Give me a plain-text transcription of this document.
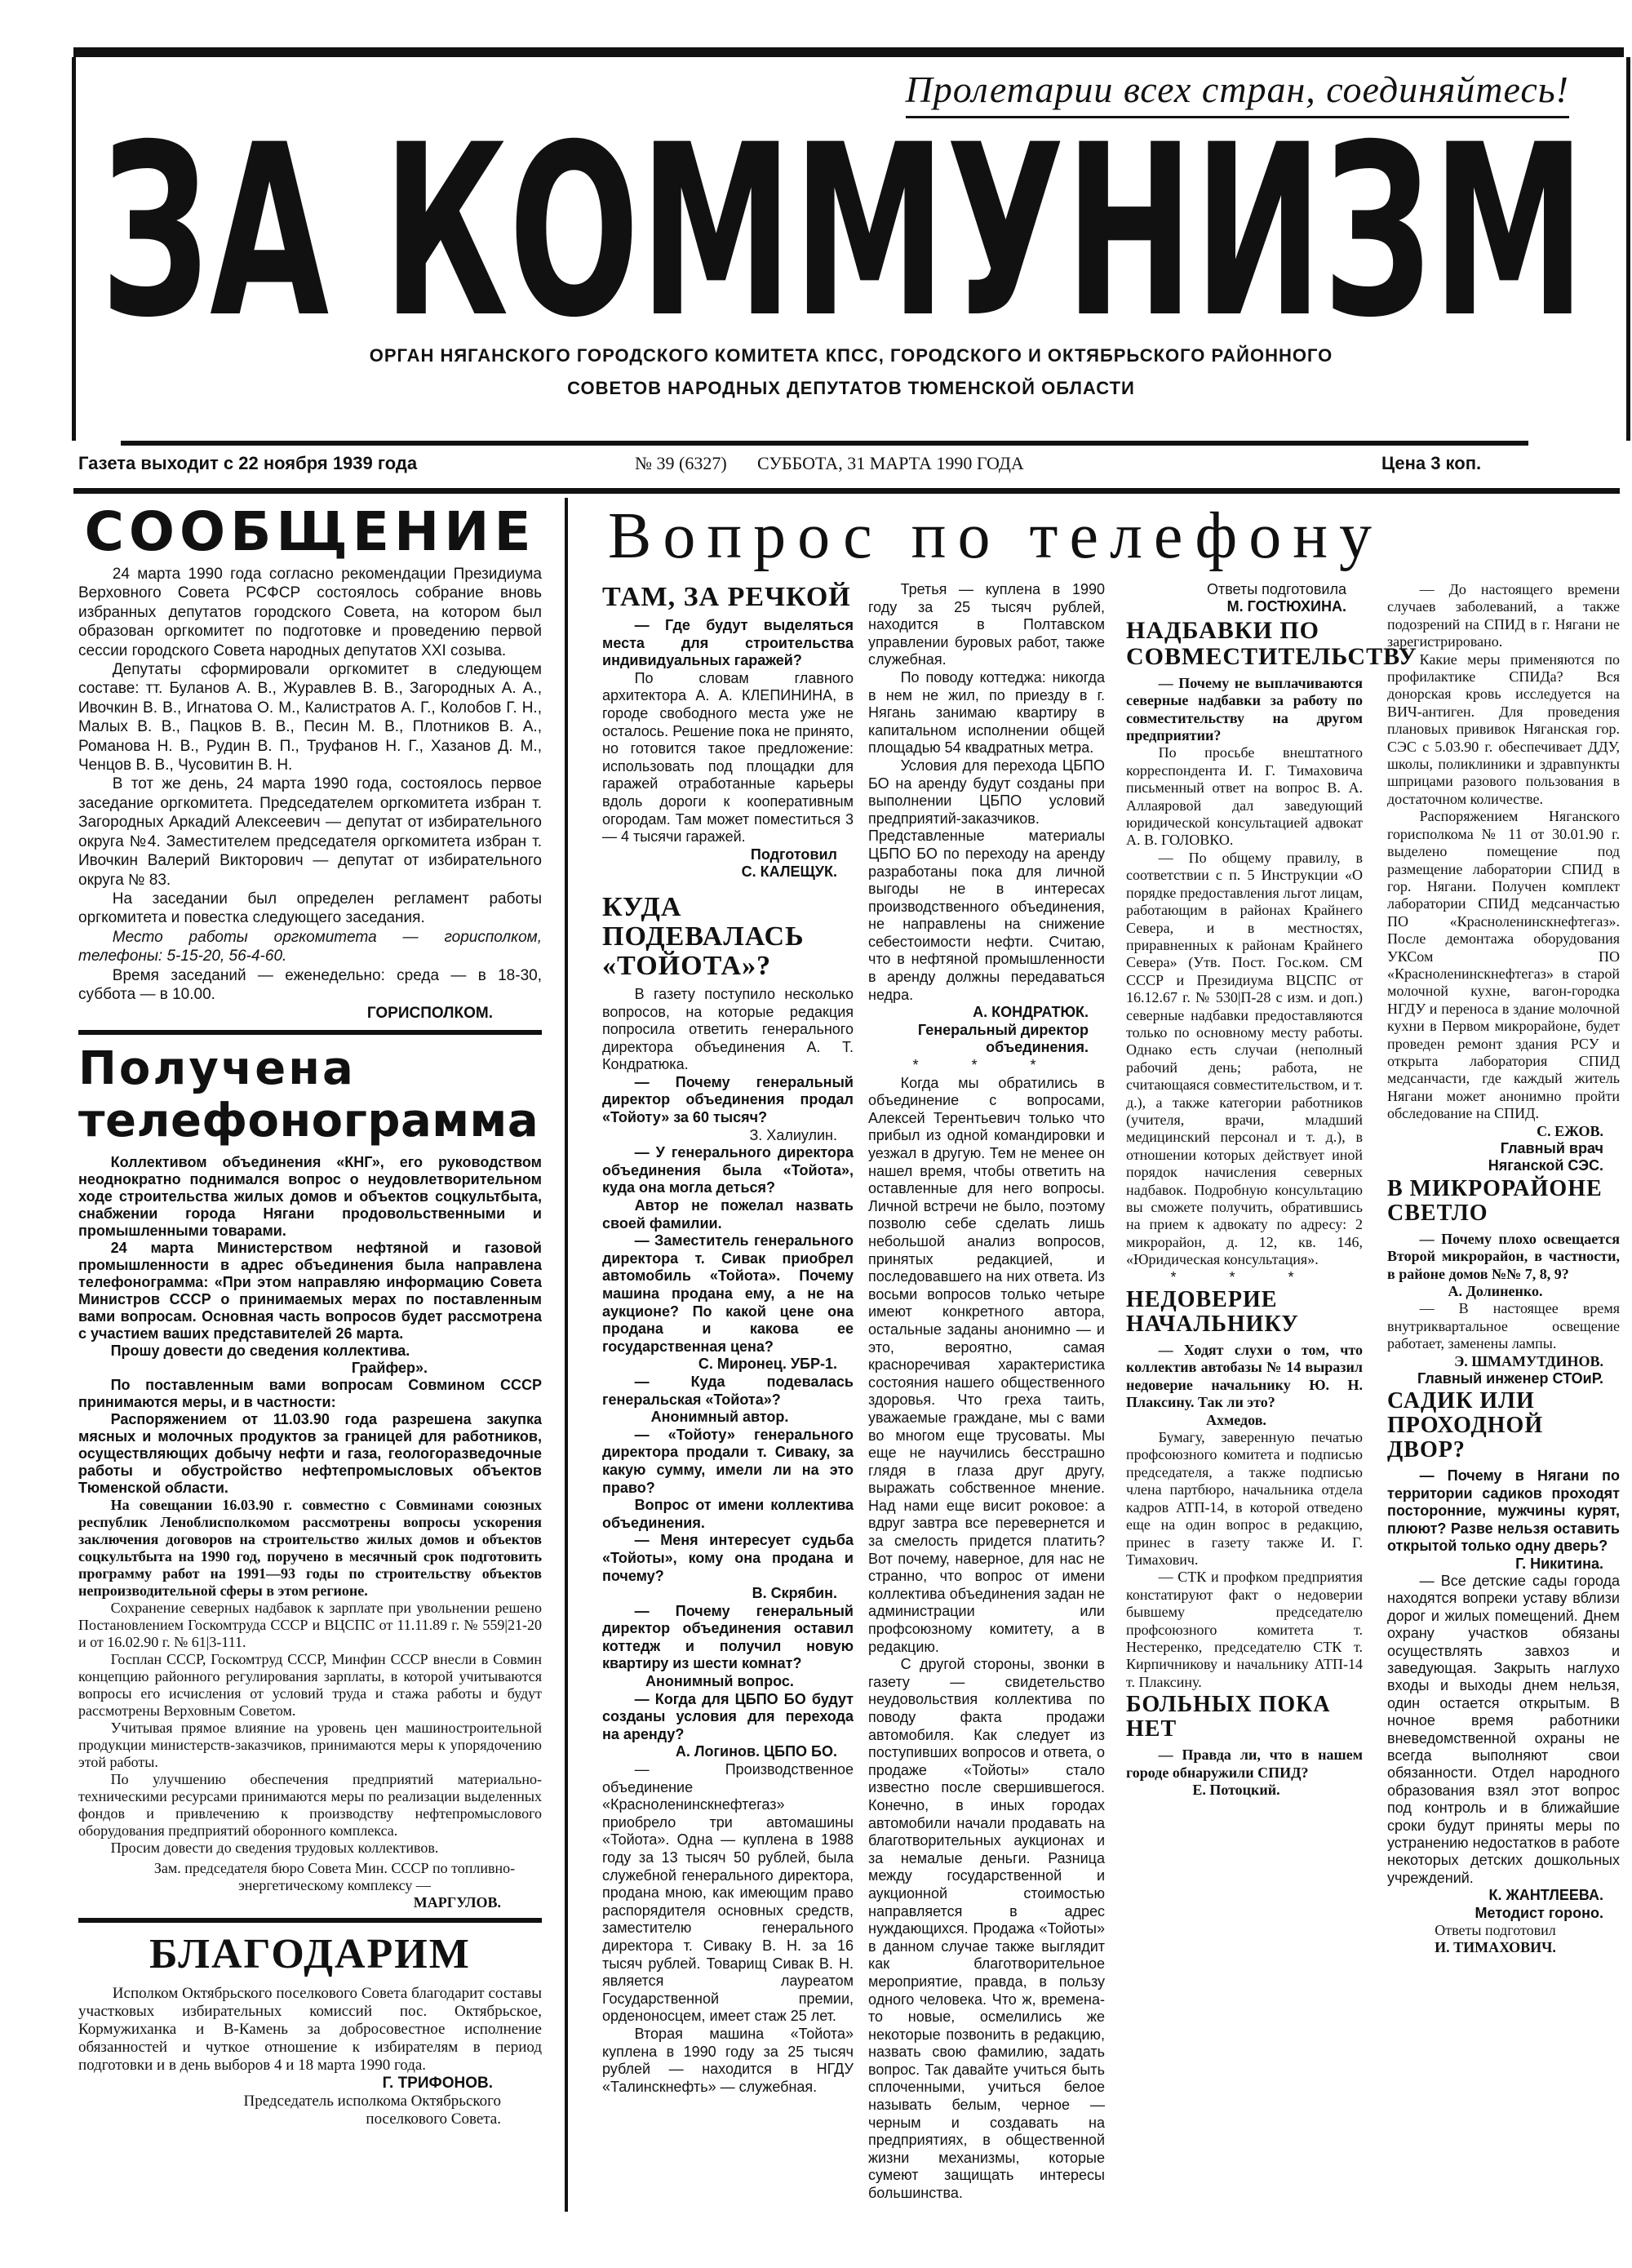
Пролетарии всех стран, соединяйтесь!
ЗА КОММУНИЗМ
ОРГАН НЯГАНСКОГО ГОРОДСКОГО КОМИТЕТА КПСС, ГОРОДСКОГО И ОКТЯБРЬСКОГО РАЙОННОГО
СОВЕТОВ НАРОДНЫХ ДЕПУТАТОВ ТЮМЕНСКОЙ ОБЛАСТИ
Газета выходит с 22 ноября 1939 года	№ 39 (6327) СУББОТА, 31 МАРТА 1990 ГОДА	Цена 3 коп.
СООБЩЕНИЕ

24 марта 1990 года согласно рекомендации Президиума Верховного Совета РСФСР состоялось собрание вновь избранных депутатов городского Совета, на котором был образован оргкомитет по подготовке и проведению первой сессии городского Совета народных депутатов XXI созыва.

Депутаты сформировали оргкомитет в следующем составе: тт. Буланов А. В., Журавлев В. В., Загородных А. А., Ивочкин В. В., Игнатова О. М., Калистратов А. Г., Колобов Г. Н., Малых В. В., Пацков В. В., Песин М. В., Плотников В. А., Романова Н. В., Рудин В. П., Труфанов Н. Г., Хазанов Д. М., Ченцов В. В., Чусовитин В. Н.

В тот же день, 24 марта 1990 года, состоялось первое заседание оргкомитета. Председателем оргкомитета избран т. Загородных Аркадий Алексеевич — депутат от избирательного округа №4. Заместителем председателя оргкомитета избран т. Ивочкин Валерий Викторович — депутат от избирательного округа № 83.

На заседании был определен регламент работы оргкомитета и повестка следующего заседания.

Место работы оргкомитета — горисполком, телефоны: 5-15-20, 56-4-60.

Время заседаний — еженедельно: среда — в 18-30, суббота — в 10.00.

ГОРИСПОЛКОМ.
Получена
телефонограмма

Коллективом объединения «КНГ», его руководством неоднократно поднимался вопрос о неудовлетворительном ходе строительства жилых домов и объектов соцкультбыта, снабжении города Нягани продовольственными и промышленными товарами.

24 марта Министерством нефтяной и газовой промышленности в адрес объединения была направлена телефонограмма: «При этом направляю информацию Совета Министров СССР о принимаемых мерах по поставленным вами вопросам. Основная часть вопросов будет рассмотрена с участием ваших представителей 26 марта.

Прошу довести до сведения коллектива.

Грайфер».

По поставленным вами вопросам Совмином СССР принимаются меры, и в частности:

Распоряжением от 11.03.90 года разрешена закупка мясных и молочных продуктов за границей для работников, осуществляющих добычу нефти и газа, геологоразведочные работы и обустройство нефтепромысловых объектов Тюменской области.

На совещании 16.03.90 г. совместно с Совминами союзных республик Леноблисполкомом рассмотрены вопросы ускорения заключения договоров на строительство жилых домов и объектов соцкультбыта на 1990 год, поручено в месячный срок подготовить программу работ на 1991—93 годы по строительству объектов непроизводительной сферы в этом регионе.

Сохранение северных надбавок к зарплате при увольнении решено Постановлением Госкомтруда СССР и ВЦСПС от 11.11.89 г. № 559|21-20 и от 16.02.90 г. № 61|3-111.

Госплан СССР, Госкомтруд СССР, Минфин СССР внесли в Совмин концепцию районного регулирования зарплаты, в которой учитываются вопросы его исчисления от условий труда и стажа работы и будут рассмотрены Верховным Советом.

Учитывая прямое влияние на уровень цен машиностроительной продукции министерств-заказчиков, принимаются меры к упорядочению этой работы.

По улучшению обеспечения предприятий материально-техническими ресурсами принимаются меры по реализации выделенных фондов и привлечению к производству нефтепромыслового оборудования предприятий оборонного комплекса.

Просим довести до сведения трудовых коллективов.

Зам. председателя бюро Совета Мин. СССР по топливно-энергетическому комплексу —
МАРГУЛОВ.
БЛАГОДАРИМ

Исполком Октябрьского поселкового Совета благодарит составы участковых избирательных комиссий пос. Октябрьское, Кормужиханка и В-Камень за добросовестное исполнение обязанностей и чуткое отношение к избирателям в период подготовки и в день выборов 4 и 18 марта 1990 года.

Г. ТРИФОНОВ.
Председатель исполкома Октябрьского поселкового Совета.
Вопрос по телефону
ТАМ, ЗА РЕЧКОЙ

— Где будут выделяться места для строительства индивидуальных гаражей?

По словам главного архитектора А. А. КЛЕПИНИНА, в городе свободного места уже не осталось. Решение пока не принято, но готовится такое предложение: использовать под площадки для гаражей отработанные карьеры вдоль дороги к кооперативным огородам. Там может поместиться 3 — 4 тысячи гаражей.

Подготовил
С. КАЛЕЩУК.
КУДА ПОДЕВАЛАСЬ «ТОЙОТА»?

В газету поступило несколько вопросов, на которые редакция попросила ответить генерального директора объединения А. Т. Кондратюка.

— Почему генеральный директор объединения продал «Тойоту» за 60 тысяч?

З. Халиулин.

— У генерального директора объединения была «Тойота», куда она могла деться?

Автор не пожелал назвать своей фамилии.

— Заместитель генерального директора т. Сивак приобрел автомобиль «Тойота». Почему машина продана ему, а не на аукционе? По какой цене она продана и какова ее государственная цена?

С. Миронец. УБР-1.

— Куда подевалась генеральская «Тойота»?

Анонимный автор.

— «Тойоту» генерального директора продали т. Сиваку, за какую сумму, имели ли на это право?

Вопрос от имени коллектива объединения.

— Меня интересует судьба «Тойоты», кому она продана и почему?

В. Скрябин.

— Почему генеральный директор объединения оставил коттедж и получил новую квартиру из шести комнат?

Анонимный вопрос.

— Когда для ЦБПО БО будут созданы условия для перехода на аренду?

А. Логинов. ЦБПО БО.

— Производственное объединение «Краснoленинскнефтегаз» приобрело три автомашины «Тойота». Одна — куплена в 1988 году за 13 тысяч 50 рублей, была служебной генерального директора, продана мною, как имеющим право распорядителя основных средств, заместителю генерального директора т. Сиваку В. Н. за 16 тысяч рублей. Товарищ Сивак В. Н. является лауреатом Государственной премии, орденоносцем, имеет стаж 25 лет.

Вторая машина «Тойота» куплена в 1990 году за 25 тысяч рублей — находится в НГДУ «Талинскнефть» — служебная.

Третья — куплена в 1990 году за 25 тысяч рублей, находится в Полтавском управлении буровых работ, также служебная.

По поводу коттеджа: никогда в нем не жил, по приезду в г. Нягань занимаю квартиру в капитальном исполнении общей площадью 54 квадратных метра.

Условия для перехода ЦБПО БО на аренду будут созданы при выполнении ЦБПО условий предприятий-заказчиков. Представленные материалы ЦБПО БО по переходу на аренду разработаны пока для личной выгоды не в интересах производственного объединения, не направлены на снижение себестоимости нефти. Считаю, что в нефтяной промышленности в аренду должны передаваться недра.

А. КОНДРАТЮК.
Генеральный директор объединения.
* * *

Когда мы обратились в объединение с вопросами, Алексей Терентьевич только что прибыл из одной командировки и уезжал в другую. Тем не менее он нашел время, чтобы ответить на оставленные для него вопросы. Личной встречи не было, поэтому позволю себе сделать лишь небольшой анализ вопросов, принятых редакцией, и последовавшего на них ответа. Из восьми вопросов только четыре имеют конкретного автора, остальные заданы анонимно — и это, вероятно, самая красноречивая характеристика состояния нашего общественного здоровья. Что греха таить, уважаемые граждане, мы с вами во многом еще трусоваты. Мы еще не научились бесстрашно глядя в глаза друг другу, выражать собственное мнение. Над нами еще висит роковое: а вдруг завтра все перевернется и за смелость придется платить? Вот почему, наверное, для нас не странно, что вопрос от имени коллектива объединения задан не администрации или профсоюзному комитету, а в редакцию.

С другой стороны, звонки в газету — свидетельство неудовольствия коллектива по поводу факта продажи автомобиля. Как следует из поступивших вопросов и ответа, о продаже «Тойоты» стало известно после свершившегося. Конечно, в иных городах автомобили начали продавать на благотворительных аукционах и за немалые деньги. Разница между государственной и аукционной стоимостью направляется в адрес нуждающихся. Продажа «Тойоты» в данном случае также выглядит как благотворительное мероприятие, правда, в пользу одного человека. Что ж, времена-то новые, осмелились же некоторые позвонить в редакцию, назвать свою фамилию, задать вопрос. Так давайте учиться быть сплоченными, учиться белое называть белым, черное — черным и создавать на предприятиях, в общественной жизни механизмы, которые сумеют защищать интересы большинства.

Ответы подготовила
М. ГОСТЮХИНА.
НАДБАВКИ ПО СОВМЕСТИТЕЛЬСТВУ

— Почему не выплачиваются северные надбавки за работу по совместительству на другом предприятии?

По просьбе внештатного корреспондента И. Г. Тимаховича письменный ответ на вопрос В. А. Аллаяровой дал заведующий юридической консультацией адвокат А. В. ГОЛОВКО.

— По общему правилу, в соответствии с п. 5 Инструкции «О порядке предоставления льгот лицам, работающим в районах Крайнего Севера, и в местностях, приравненных к районам Крайнего Севера» (Утв. Пост. Гос.ком. СМ СССР и Президиума ВЦСПС от 16.12.67 г. № 530|П-28 с изм. и доп.) северные надбавки предоставляются только по основному месту работы. Однако есть случаи (неполный рабочий день; работа, не считающаяся совместительством, и т. д.), а также категории работников (учителя, врачи, младший медицинский персонал и т. д.), в отношении которых действует иной порядок начисления северных надбавок. Подробную консультацию вы сможете получить, обратившись на прием к адвокату по адресу: 2 микрорайон, д. 12, кв. 146, «Юридическая консультация».

* * *
НЕДОВЕРИЕ НАЧАЛЬНИКУ

— Ходят слухи о том, что коллектив автобазы № 14 выразил недоверие начальнику Ю. Н. Плаксину. Так ли это?

Ахмедов.

Бумагу, заверенную печатью профсоюзного комитета и подписью председателя, а также подписью члена партбюро, начальника отдела кадров АТП-14, в которой отведено еще на один вопрос в редакцию, принес в газету также И. Г. Тимахович.

— СТК и профком предприятия констатируют факт о недоверии бывшему председателю профсоюзного комитета т. Нестеренко, председателю СТК т. Кирпичникову и начальнику АТП-14 т. Плаксину.

БОЛЬНЫХ ПОКА НЕТ

— Правда ли, что в нашем городе обнаружили СПИД?

Е. Потоцкий.

— До настоящего времени случаев заболеваний, а также подозрений на СПИД в г. Нягани не зарегистрировано.

Какие меры применяются по профилактике СПИДа? Вся донорская кровь исследуется на ВИЧ-антиген. Для проведения плановых прививок Няганская гор. СЭС с 5.03.90 г. обеспечивает ДДУ, школы, поликлиники и здравпункты шприцами разового пользования в достаточном количестве.

Распоряжением Няганского горисполкома № 11 от 30.01.90 г. выделено помещение под размещение лаборатории СПИД в гор. Нягани. Получен комплект лаборатории СПИД медсанчастью ПО «Красноленинскнефтегаз». После демонтажа оборудования УКСом ПО «Красноленинскнефтегаз» в старой молочной кухне, вагон-городка НГДУ и переноса в здание молочной кухни в Первом микрорайоне, будет проведен ремонт здания РСУ и открыта лаборатория СПИД медсанчасти, где каждый житель Нягани может анонимно пройти обследование на СПИД.

С. ЕЖОВ.
Главный врач Няганской СЭС.
В МИКРОРАЙОНЕ СВЕТЛО

— Почему плохо освещается Второй микрорайон, в частности, в районе домов №№ 7, 8, 9?

А. Долиненко.

— В настоящее время внутриквартальное освещение работает, заменены лампы.

Э. ШМАМУТДИНОВ.
Главный инженер СТОиР.
САДИК ИЛИ ПРОХОДНОЙ ДВОР?

— Почему в Нягани по территории садиков проходят посторонние, мужчины курят, плюют? Разве нельзя оставить открытой только одну дверь?

Г. Никитина.

— Все детские сады города находятся вопреки уставу вблизи дорог и жилых помещений. Днем охрану участков обязаны осуществлять завхоз и заведующая. Закрыть наглухо входы и выходы днем нельзя, один остается открытым. В ночное время работники вневедомственной охраны не всегда выполняют свои обязанности. Отдел народного образования взял этот вопрос под контроль и в ближайшие сроки будут приняты меры по устранению недостатков в работе некоторых детских дошкольных учреждений.

К. ЖАНТЛЕЕВА.
Методист гороно.
Ответы подготовил
И. ТИМАХОВИЧ.
